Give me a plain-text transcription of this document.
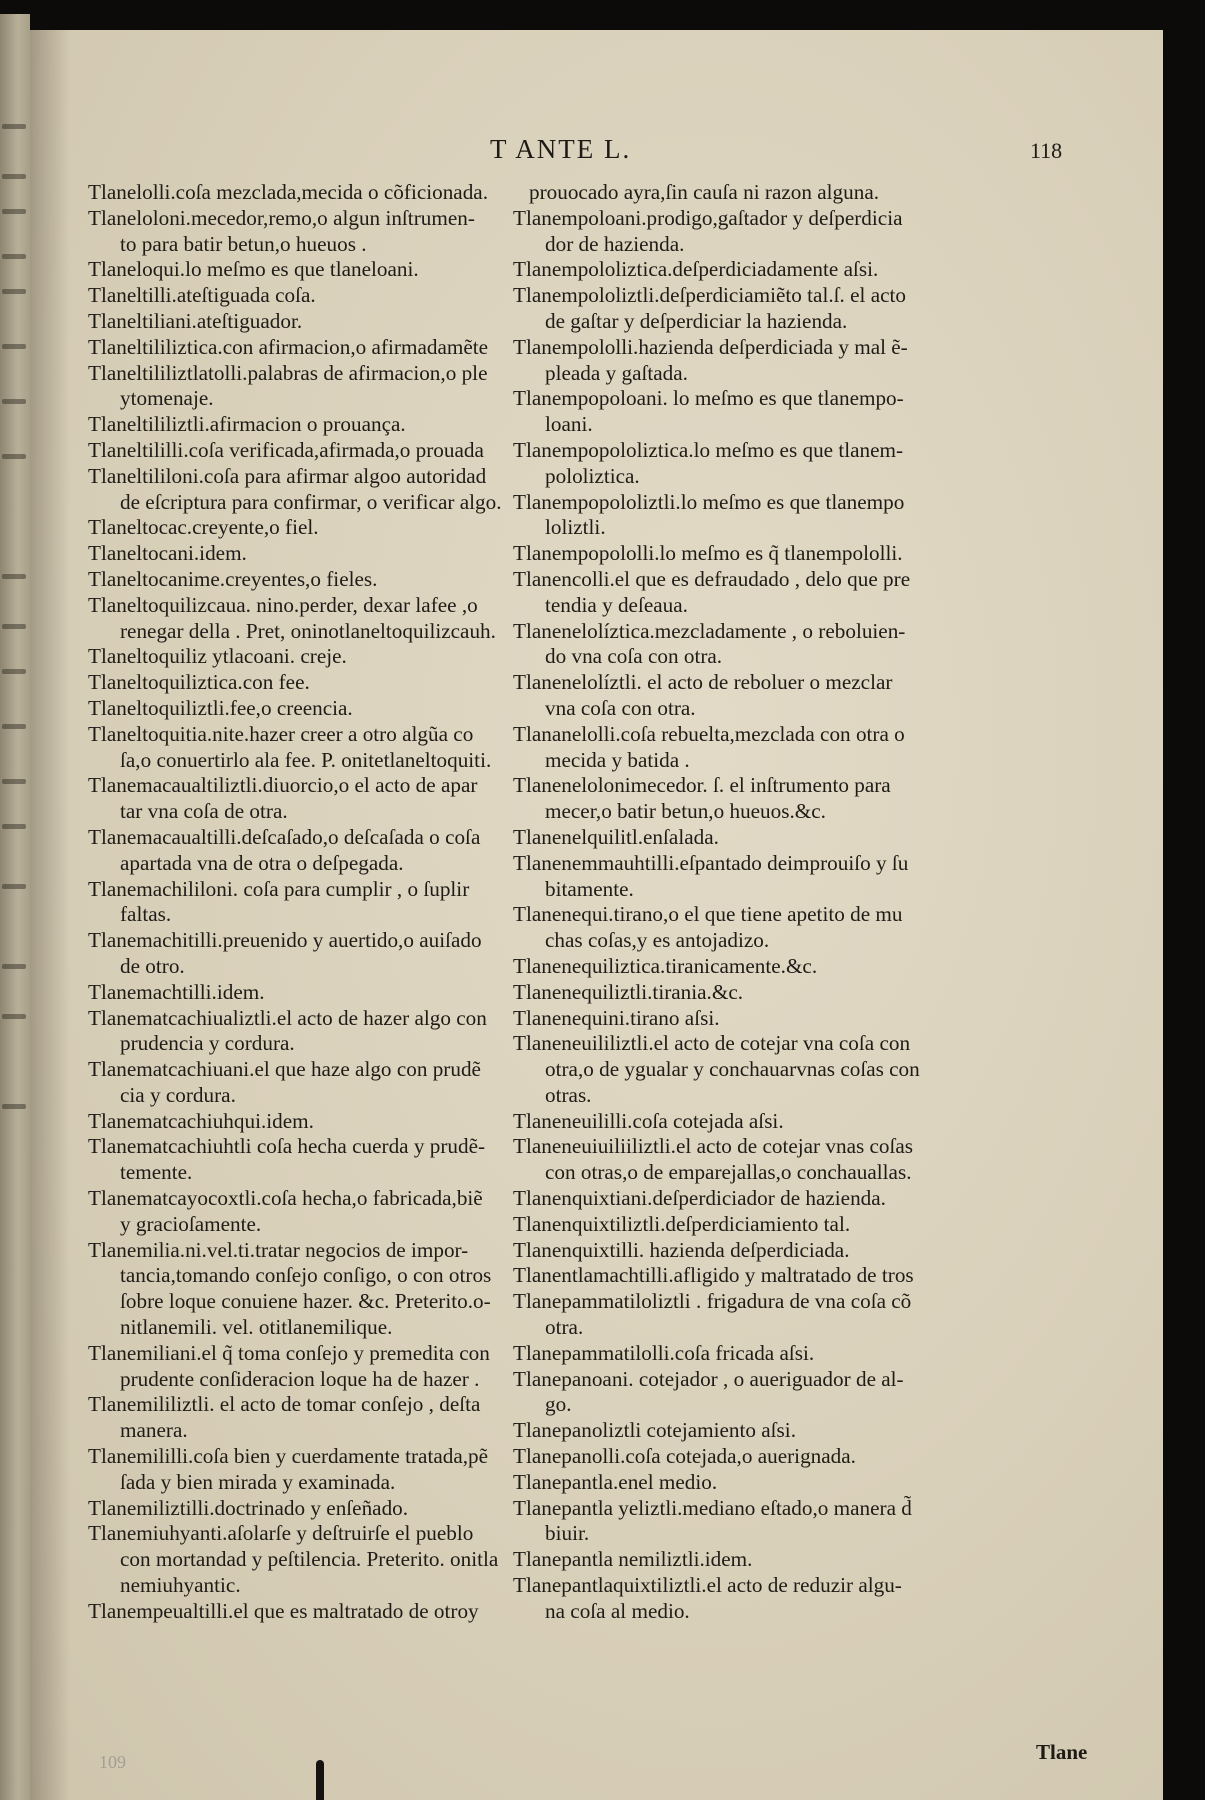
T ANTE L.	118
Tlanelolli.coſa mezclada,mecida o cõficionada.
Tlaneloloni.mecedor,remo,o algun inſtrumen-
to para batir betun,o hueuos .
Tlaneloqui.lo meſmo es que tlaneloani.
Tlaneltilli.ateſtiguada coſa.
Tlaneltiliani.ateſtiguador.
Tlaneltililiztica.con afirmacion,o afirmadamẽte
Tlaneltililiztlatolli.palabras de afirmacion,o ple
ytomenaje.
Tlaneltililiztli.afirmacion o prouança.
Tlaneltililli.coſa verificada,afirmada,o prouada
Tlaneltililoni.coſa para afirmar algoo autoridad
de eſcriptura para confirmar, o verificar algo.
Tlaneltocac.creyente,o fiel.
Tlaneltocani.idem.
Tlaneltocanime.creyentes,o fieles.
Tlaneltoquilizcaua. nino.perder, dexar lafee ,o
renegar della . Pret, oninotlaneltoquilizcauh.
Tlaneltoquiliz ytlacoani. creje.
Tlaneltoquiliztica.con fee.
Tlaneltoquiliztli.fee,o creencia.
Tlaneltoquitia.nite.hazer creer a otro algũa co
ſa,o conuertirlo ala fee. P. onitetlaneltoquiti.
Tlanemacaualtiliztli.diuorcio,o el acto de apar
tar vna coſa de otra.
Tlanemacaualtilli.deſcaſado,o deſcaſada o coſa
apartada vna de otra o deſpegada.
Tlanemachililoni. coſa para cumplir , o ſuplir
faltas.
Tlanemachitilli.preuenido y auertido,o auiſado
de otro.
Tlanemachtilli.idem.
Tlanematcachiualiztli.el acto de hazer algo con
prudencia y cordura.
Tlanematcachiuani.el que haze algo con prudẽ
cia y cordura.
Tlanematcachiuhqui.idem.
Tlanematcachiuhtli coſa hecha cuerda y prudẽ-
temente.
Tlanematcayocoxtli.coſa hecha,o fabricada,biẽ
y gracioſamente.
Tlanemilia.ni.vel.ti.tratar negocios de impor-
tancia,tomando conſejo conſigo, o con otros
ſobre loque conuiene hazer. &c. Preterito.o-
nitlanemili. vel. otitlanemilique.
Tlanemiliani.el q̃ toma conſejo y premedita con
prudente conſideracion loque ha de hazer .
Tlanemililiztli. el acto de tomar conſejo , deſta
manera.
Tlanemililli.coſa bien y cuerdamente tratada,pẽ
ſada y bien mirada y examinada.
Tlanemiliztilli.doctrinado y enſeñado.
Tlanemiuhyanti.aſolarſe y deſtruirſe el pueblo
con mortandad y peſtilencia. Preterito. onitla
nemiuhyantic.
Tlanempeualtilli.el que es maltratado de otroy
prouocado ayra,ſin cauſa ni razon alguna.
Tlanempoloani.prodigo,gaſtador y deſperdicia
dor de hazienda.
Tlanempololiztica.deſperdiciadamente aſsi.
Tlanempololiztli.deſperdiciamiẽto tal.ſ. el acto
de gaſtar y deſperdiciar la hazienda.
Tlanempololli.hazienda deſperdiciada y mal ẽ-
pleada y gaſtada.
Tlanempopoloani. lo meſmo es que tlanempo-
loani.
Tlanempopololiztica.lo meſmo es que tlanem-
pololiztica.
Tlanempopololiztli.lo meſmo es que tlanempo
loliztli.
Tlanempopololli.lo meſmo es q̃ tlanempololli.
Tlanencolli.el que es defraudado , delo que pre
tendia y deſeaua.
Tlanenelolíztica.mezcladamente , o reboluien-
do vna coſa con otra.
Tlanenelolíztli. el acto de reboluer o mezclar
vna coſa con otra.
Tlananelolli.coſa rebuelta,mezclada con otra o
mecida y batida .
Tlanenelolonimecedor. ſ. el inſtrumento para
mecer,o batir betun,o hueuos.&c.
Tlanenelquilitl.enſalada.
Tlanenemmauhtilli.eſpantado deimprouiſo y ſu
bitamente.
Tlanenequi.tirano,o el que tiene apetito de mu
chas coſas,y es antojadizo.
Tlanenequiliztica.tiranicamente.&c.
Tlanenequiliztli.tirania.&c.
Tlanenequini.tirano aſsi.
Tlaneneuililiztli.el acto de cotejar vna coſa con
otra,o de ygualar y conchauarvnas coſas con
otras.
Tlaneneuililli.coſa cotejada aſsi.
Tlaneneuiuiliiliztli.el acto de cotejar vnas coſas
con otras,o de emparejallas,o conchauallas.
Tlanenquixtiani.deſperdiciador de hazienda.
Tlanenquixtiliztli.deſperdiciamiento tal.
Tlanenquixtilli. hazienda deſperdiciada.
Tlanentlamachtilli.afligido y maltratado de tros
Tlanepammatiloliztli . frigadura de vna coſa cõ
otra.
Tlanepammatilolli.coſa fricada aſsi.
Tlanepanoani. cotejador , o aueriguador de al-
go.
Tlanepanoliztli cotejamiento aſsi.
Tlanepanolli.coſa cotejada,o auerignada.
Tlanepantla.enel medio.
Tlanepantla yeliztli.mediano eſtado,o manera d̃
biuir.
Tlanepantla nemiliztli.idem.
Tlanepantlaquixtiliztli.el acto de reduzir algu-
na coſa al medio.
Tlane
109
